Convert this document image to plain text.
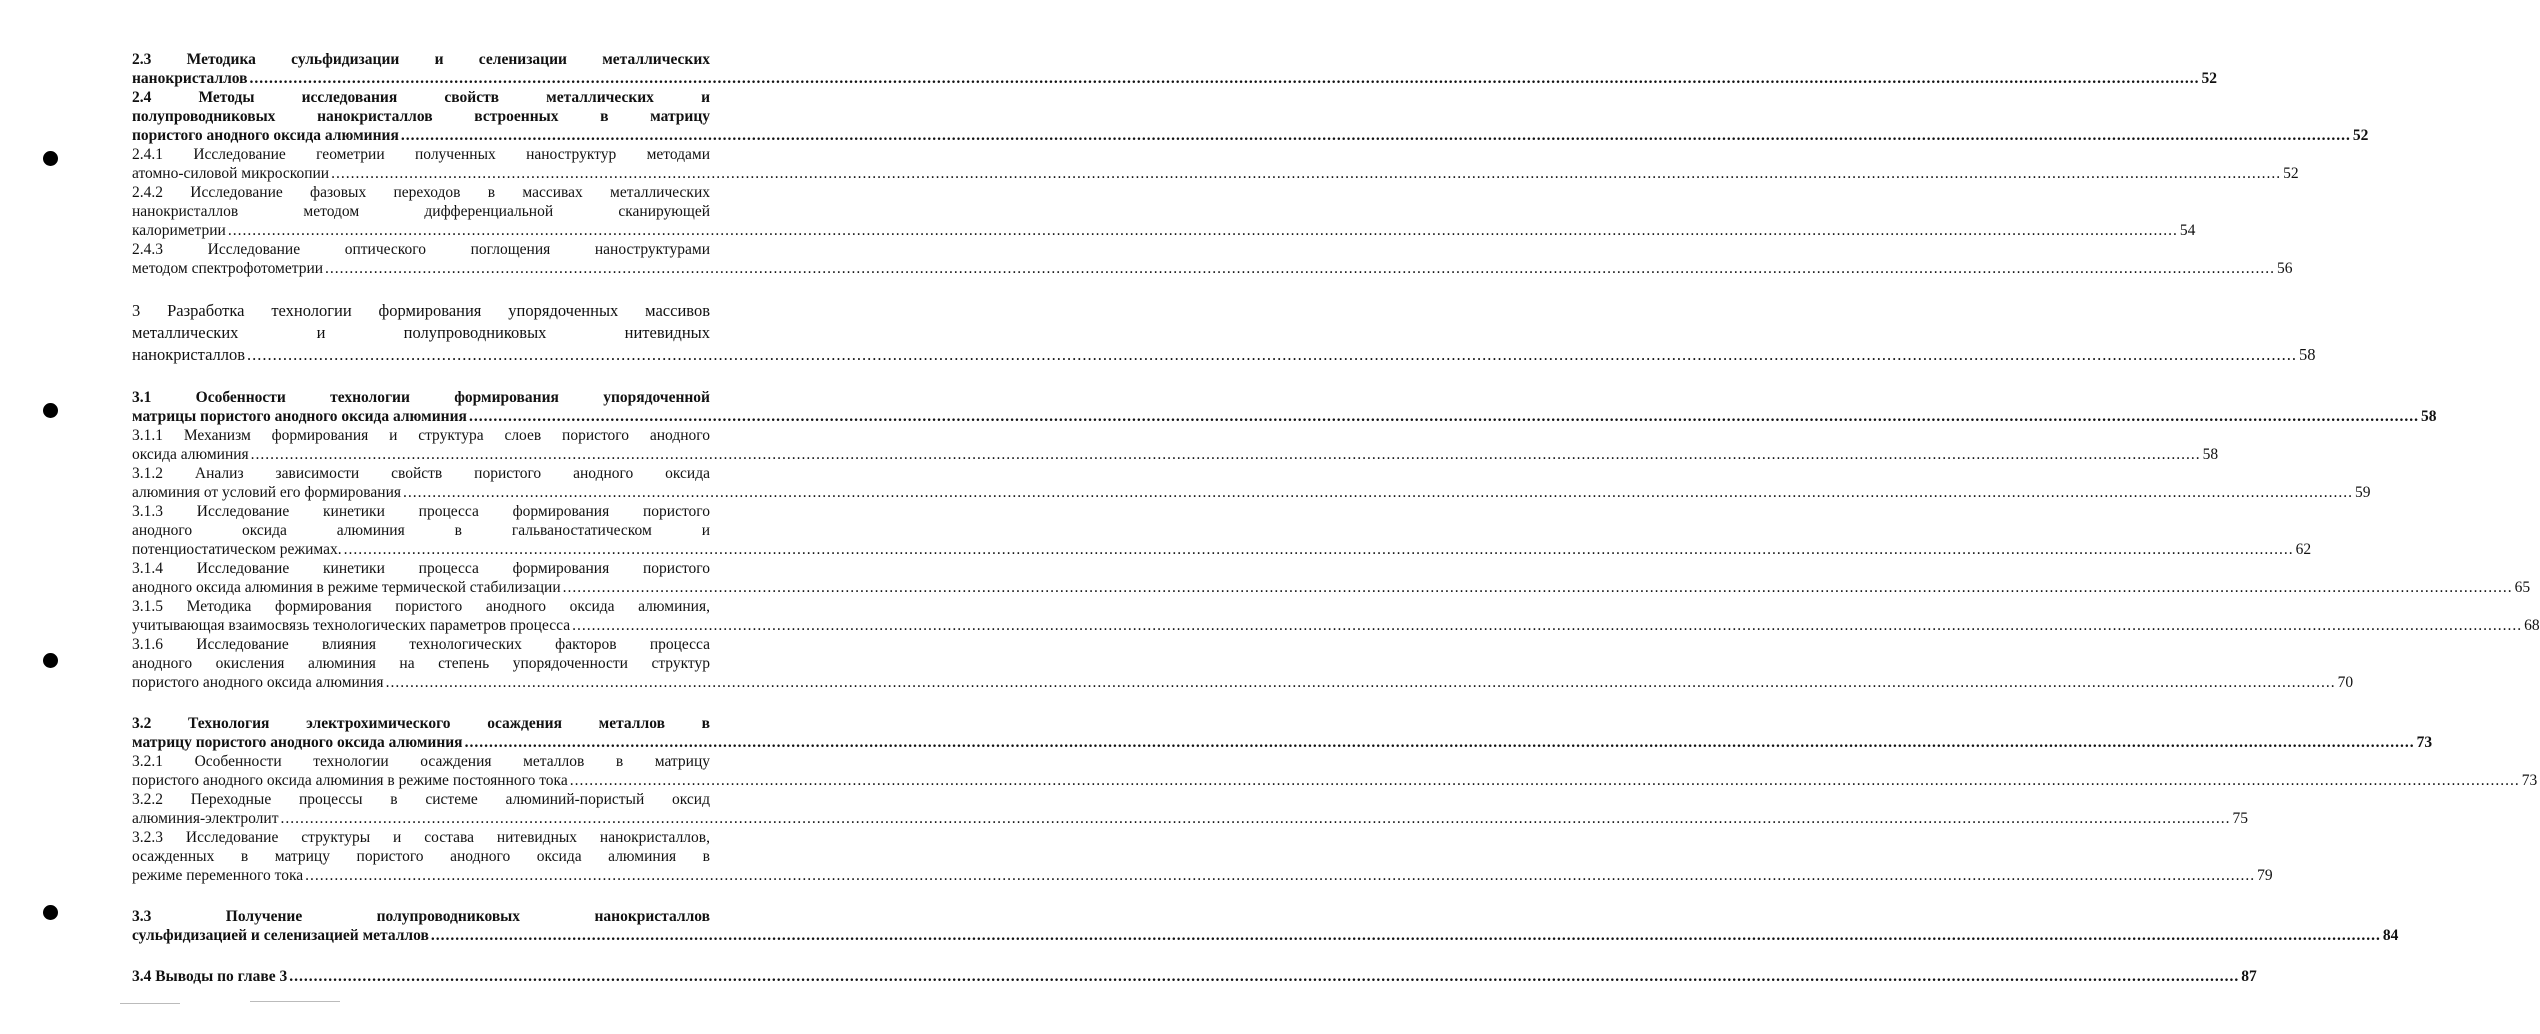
2.3 Методика сульфидизации и селенизации металлических
нанокристаллов ................................................................................................................................................................................................................................................................................................................................................................................................................ 52
2.4 Методы исследования свойств металлических и
полупроводниковых нанокристаллов встроенных в матрицу
пористого анодного оксида алюминия ................................................................................................................................................................................................................................................................................................................................................................................................................ 52
2.4.1 Исследование геометрии полученных наноструктур методами
атомно-силовой микроскопии ................................................................................................................................................................................................................................................................................................................................................................................................................ 52
2.4.2 Исследование фазовых переходов в массивах металлических
нанокристаллов методом дифференциальной сканирующей
калориметрии ................................................................................................................................................................................................................................................................................................................................................................................................................ 54
2.4.3 Исследование оптического поглощения наноструктурами
методом спектрофотометрии ................................................................................................................................................................................................................................................................................................................................................................................................................ 56
3 Разработка технологии формирования упорядоченных массивов
металлических и полупроводниковых нитевидных
нанокристаллов ................................................................................................................................................................................................................................................................................................................................................................................................................ 58
3.1 Особенности технологии формирования упорядоченной
матрицы пористого анодного оксида алюминия ................................................................................................................................................................................................................................................................................................................................................................................................................ 58
3.1.1 Механизм формирования и структура слоев пористого анодного
оксида алюминия ................................................................................................................................................................................................................................................................................................................................................................................................................ 58
3.1.2 Анализ зависимости свойств пористого анодного оксида
алюминия от условий его формирования ................................................................................................................................................................................................................................................................................................................................................................................................................ 59
3.1.3 Исследование кинетики процесса формирования пористого
анодного оксида алюминия в гальваностатическом и
потенциостатическом режимах. ................................................................................................................................................................................................................................................................................................................................................................................................................ 62
3.1.4 Исследование кинетики процесса формирования пористого
анодного оксида алюминия в режиме термической стабилизации ................................................................................................................................................................................................................................................................................................................................................................................................................ 65
3.1.5 Методика формирования пористого анодного оксида алюминия,
учитывающая взаимосвязь технологических параметров процесса ................................................................................................................................................................................................................................................................................................................................................................................................................ 68
3.1.6 Исследование влияния технологических факторов процесса
анодного окисления алюминия на степень упорядоченности структур
пористого анодного оксида алюминия ................................................................................................................................................................................................................................................................................................................................................................................................................ 70
3.2 Технология электрохимического осаждения металлов в
матрицу пористого анодного оксида алюминия ................................................................................................................................................................................................................................................................................................................................................................................................................ 73
3.2.1 Особенности технологии осаждения металлов в матрицу
пористого анодного оксида алюминия в режиме постоянного тока ................................................................................................................................................................................................................................................................................................................................................................................................................ 73
3.2.2 Переходные процессы в системе алюминий-пористый оксид
алюминия-электролит ................................................................................................................................................................................................................................................................................................................................................................................................................ 75
3.2.3 Исследование структуры и состава нитевидных нанокристаллов,
осажденных в матрицу пористого анодного оксида алюминия в
режиме переменного тока ................................................................................................................................................................................................................................................................................................................................................................................................................ 79
3.3 Получение полупроводниковых нанокристаллов
сульфидизацией и селенизацией металлов ................................................................................................................................................................................................................................................................................................................................................................................................................ 84
3.4 Выводы по главе 3 ................................................................................................................................................................................................................................................................................................................................................................................................................ 87
